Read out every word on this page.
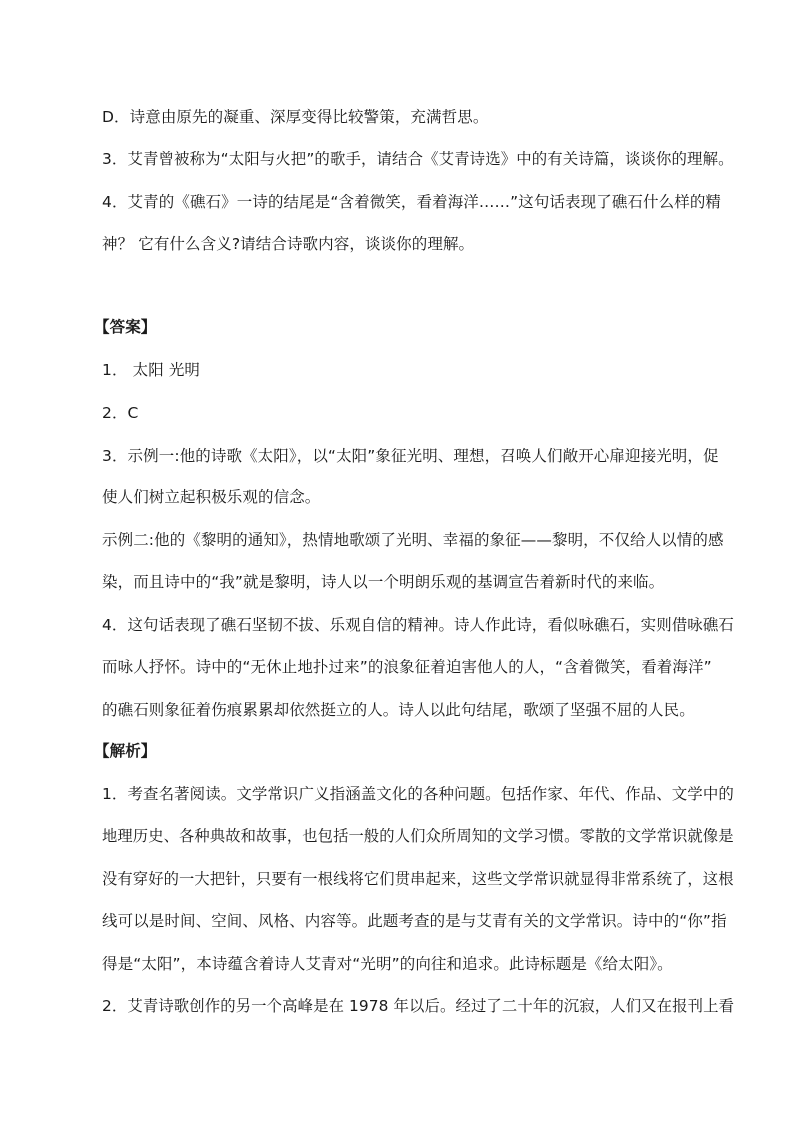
D．诗意由原先的凝重、深厚变得比较警策，充满哲思。
3．艾青曾被称为“太阳与火把”的歌手，请结合《艾青诗选》中的有关诗篇，谈谈你的理解。
4．艾青的《礁石》一诗的结尾是“含着微笑，看着海洋……”这句话表现了礁石什么样的精
神？ 它有什么含义?请结合诗歌内容，谈谈你的理解。
【答案】
1． 太阳 光明
2．C
3．示例一:他的诗歌《太阳》，以“太阳”象征光明、理想，召唤人们敞开心扉迎接光明，促
使人们树立起积极乐观的信念。
示例二:他的《黎明的通知》，热情地歌颂了光明、幸福的象征——黎明，不仅给人以情的感
染，而且诗中的“我”就是黎明，诗人以一个明朗乐观的基调宣告着新时代的来临。
4．这句话表现了礁石坚韧不拔、乐观自信的精神。诗人作此诗，看似咏礁石，实则借咏礁石
而咏人抒怀。诗中的“无休止地扑过来”的浪象征着迫害他人的人，“含着微笑，看着海洋”
的礁石则象征着伤痕累累却依然挺立的人。诗人以此句结尾，歌颂了坚强不屈的人民。
【解析】
1．考查名著阅读。文学常识广义指涵盖文化的各种问题。包括作家、年代、作品、文学中的
地理历史、各种典故和故事，也包括一般的人们众所周知的文学习惯。零散的文学常识就像是
没有穿好的一大把针，只要有一根线将它们贯串起来，这些文学常识就显得非常系统了，这根
线可以是时间、空间、风格、内容等。此题考查的是与艾青有关的文学常识。诗中的“你”指
得是“太阳”，本诗蕴含着诗人艾青对“光明”的向往和追求。此诗标题是《给太阳》。
2．艾青诗歌创作的另一个高峰是在 1978 年以后。经过了二十年的沉寂，人们又在报刊上看
